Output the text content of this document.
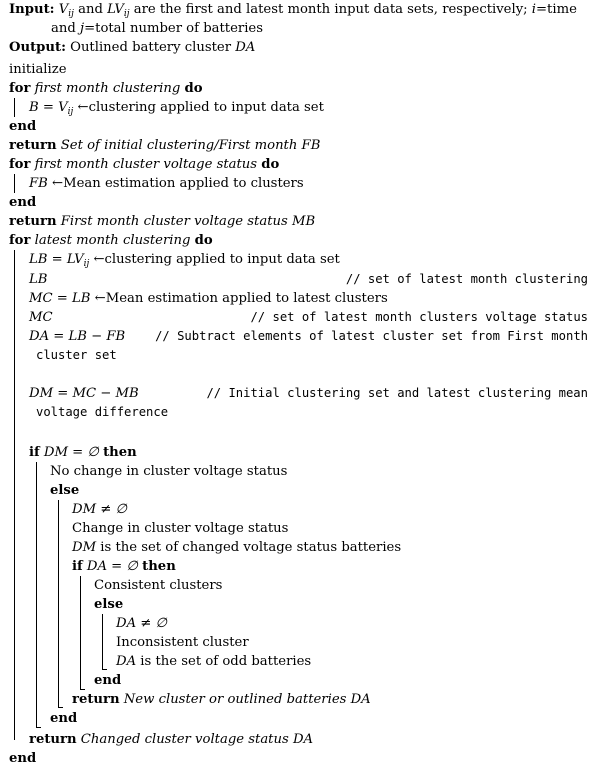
Input: $V_{ij}$ and $LV_{ij}$ are the first and latest month input data sets, respectively; i=time
and j=total number of batteries
Output: Outlined battery cluster DA
initialize
for first month clustering do
$B = V_{ij}$ ←clustering applied to input data set
end
return Set of initial clustering/First month FB
for first month cluster voltage status do
FB ←Mean estimation applied to clusters
end
return First month cluster voltage status MB
for latest month clustering do
LB = $LV_{ij}$ ←clustering applied to input data set
LB	// set of latest month clustering
MC = LB ←Mean estimation applied to latest clusters
MC	// set of latest month clusters voltage status
DA = LB − FB // Subtract elements of latest cluster set from First month
cluster set
DM = MC − MB	// Initial clustering set and latest clustering mean
voltage difference
if DM = ∅ then
No change in cluster voltage status
else
DM ≠ ∅
Change in cluster voltage status
DM is the set of changed voltage status batteries
if DA = ∅ then
Consistent clusters
else
DA ≠ ∅
Inconsistent cluster
DA is the set of odd batteries
end
return New cluster or outlined batteries DA
end
return Changed cluster voltage status DA
end
